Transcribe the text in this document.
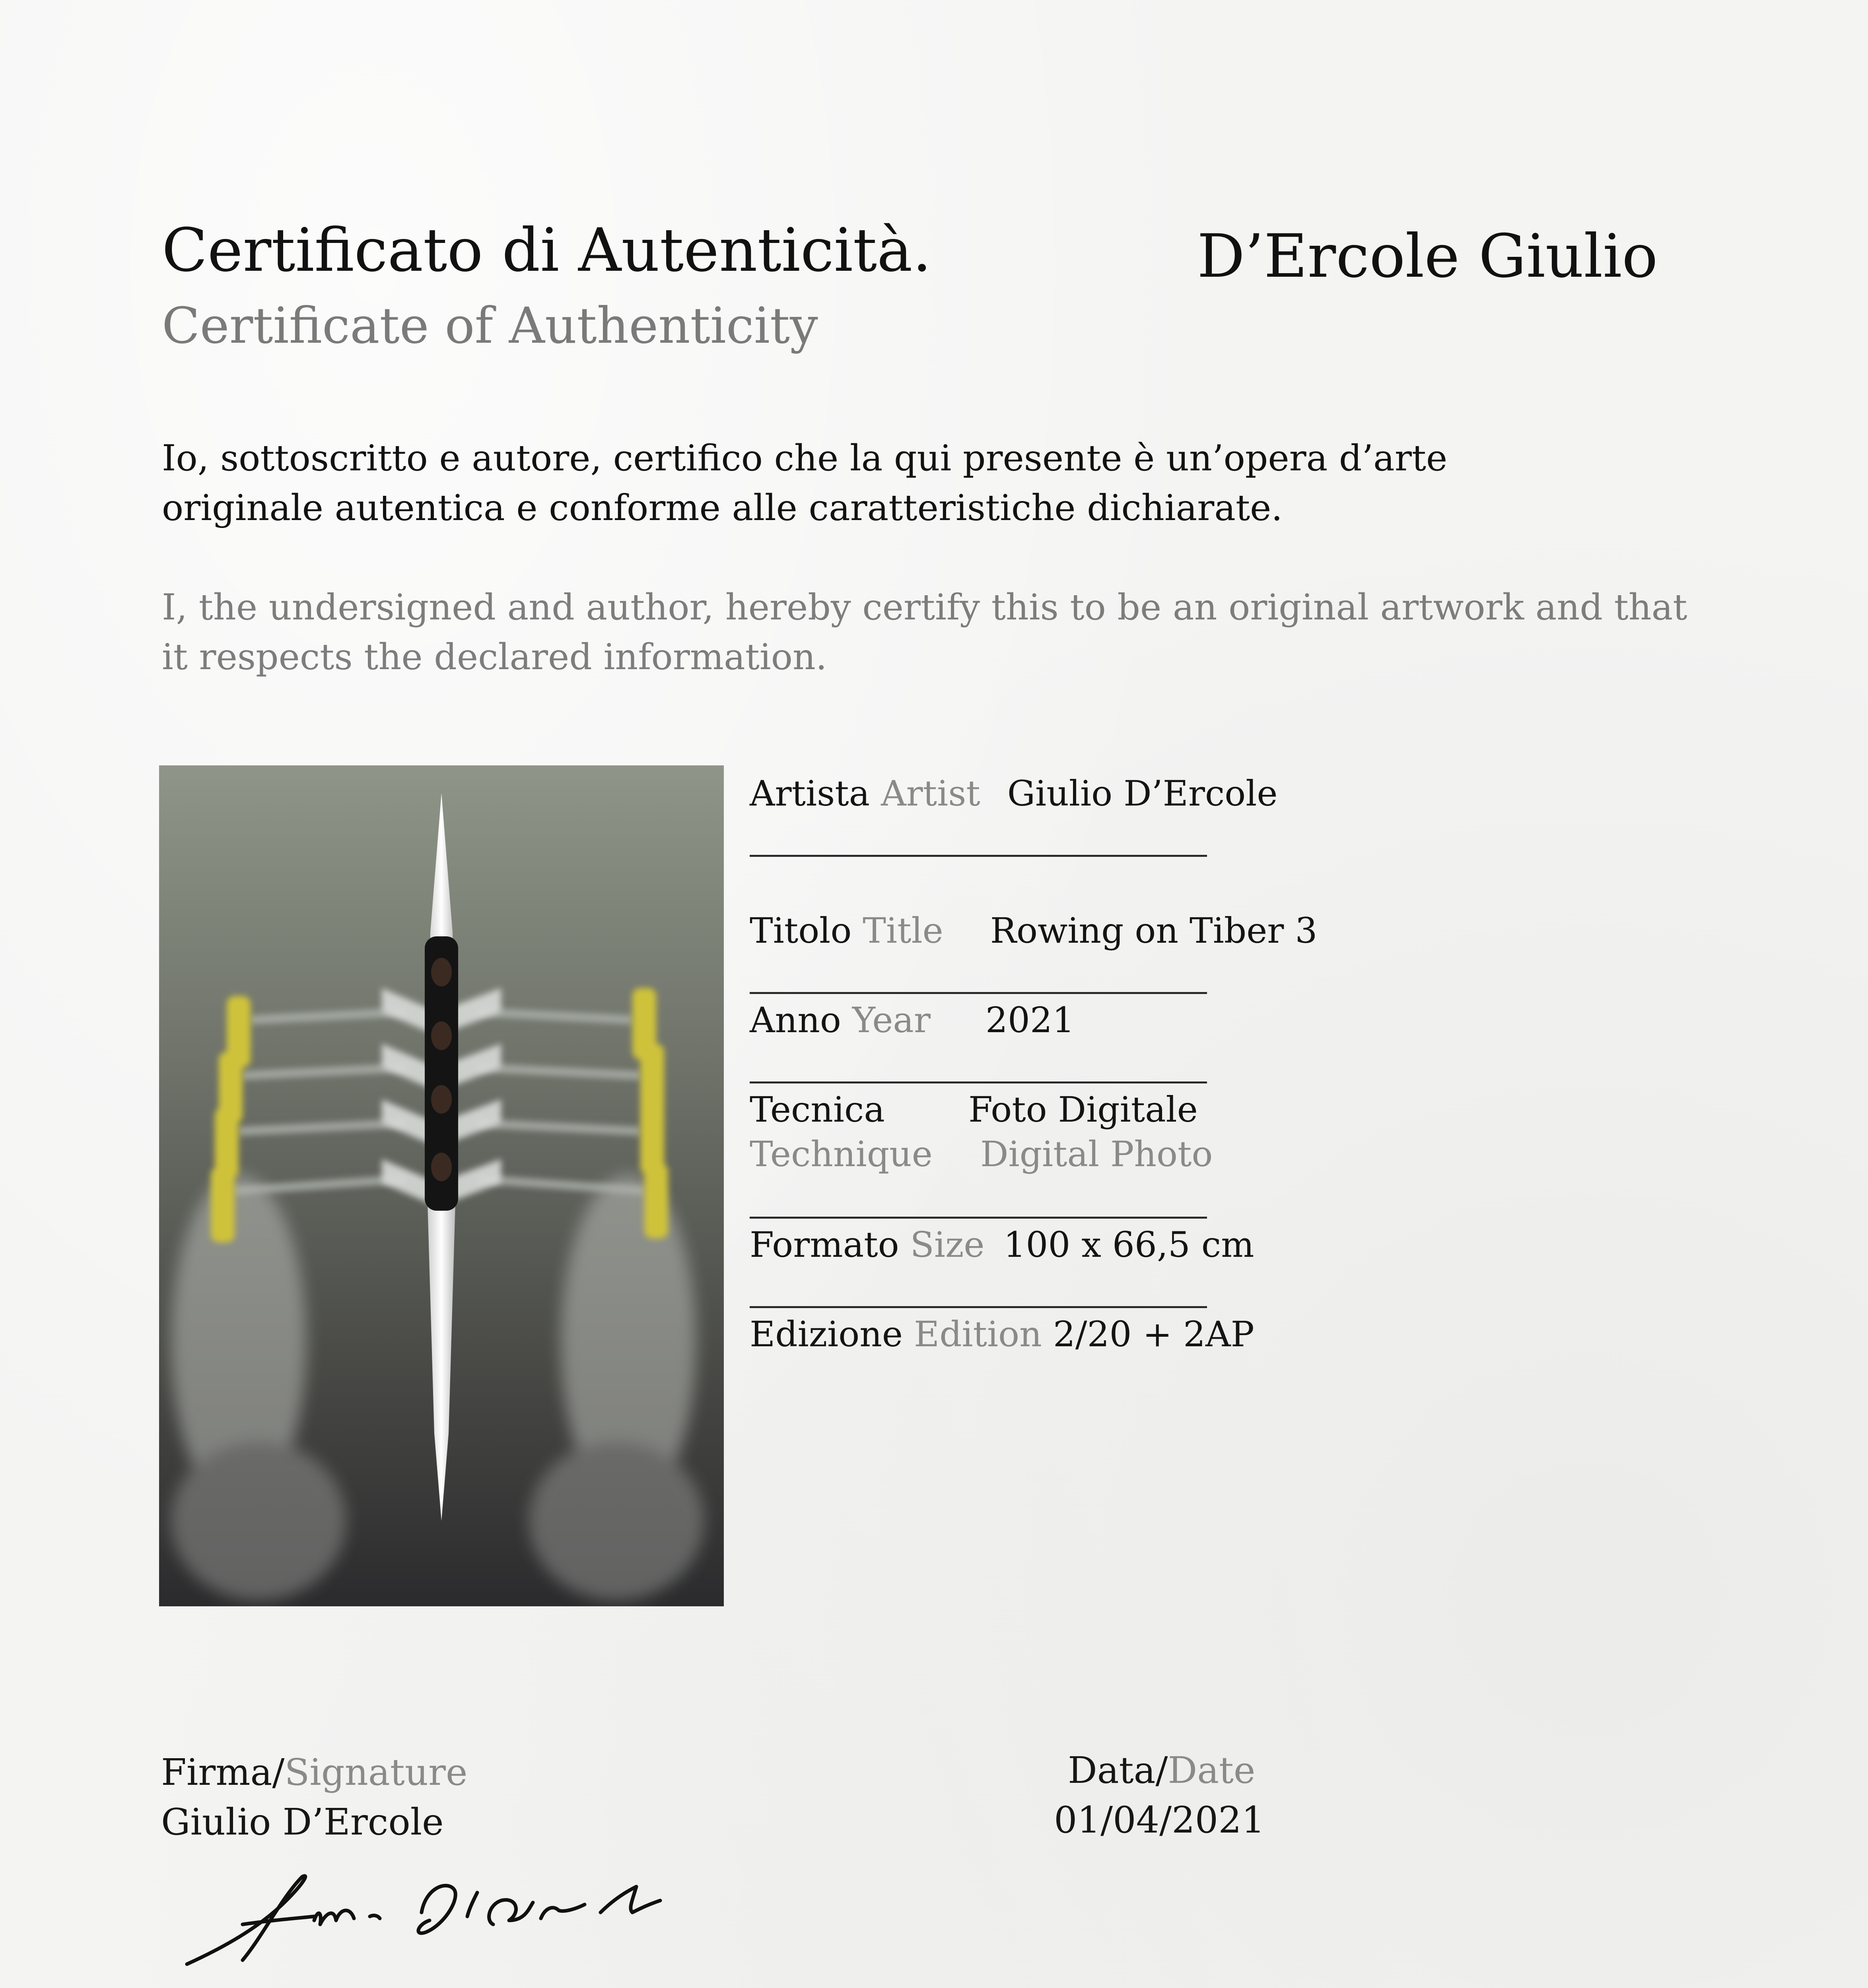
Certificato di Autenticità.
Certificate of Authenticity
D’Ercole Giulio
Io, sottoscritto e autore, certifico che la qui presente è un’opera d’arte originale autentica e conforme alle caratteristiche dichiarate.
I, the undersigned and author, hereby certify this to be an original artwork and that it respects the declared information.
Artista Artist Giulio D’Ercole
Titolo Title Rowing on Tiber 3
Anno Year 2021
Tecnica Foto Digitale
Technique Digital Photo
Formato Size 100 x 66,5 cm
Edizione Edition 2/20 + 2AP
Firma/Signature
Giulio D’Ercole
Data/Date
01/04/2021
